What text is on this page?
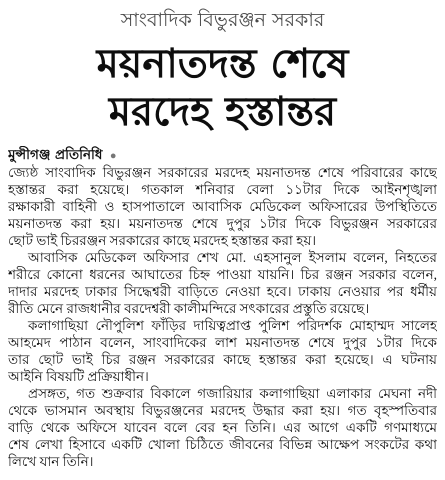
সাংবাদিক বিভুরঞ্জন সরকার
ময়নাতদন্ত শেষে
মরদেহ হস্তান্তর
মুন্সীগঞ্জ প্রতিনিধি ●
জ্যেষ্ঠ সাংবাদিক বিভুরঞ্জন সরকারের মরদেহ ময়নাতদন্ত শেষে পরিবারের কাছে
হস্তান্তর করা হয়েছে। গতকাল শনিবার বেলা ১১টার দিকে আইনশৃঙ্খলা
রক্ষাকারী বাহিনী ও হাসপাতালে আবাসিক মেডিকেল অফিসারের উপস্থিতিতে
ময়নাতদন্ত করা হয়। ময়নাতদন্ত শেষে দুপুর ১টার দিকে বিভুরঞ্জন সরকারের
ছোট ভাই চিররঞ্জন সরকারের কাছে মরদেহ হস্তান্তর করা হয়।
আবাসিক মেডিকেল অফিসার শেখ মো. এহসানুল ইসলাম বলেন, নিহতের
শরীরে কোনো ধরনের আঘাতের চিহ্ন পাওয়া যায়নি। চির রঞ্জন সরকার বলেন,
দাদার মরদেহ ঢাকার সিদ্ধেশ্বরী বাড়িতে নেওয়া হবে। ঢাকায় নেওয়ার পর ধর্মীয়
রীতি মেনে রাজধানীর বরদেশ্বরী কালীমন্দিরে সৎকারের প্রস্তুতি রয়েছে।
কলাগাছিয়া নৌপুলিশ ফাঁড়ির দায়িত্বপ্রাপ্ত পুলিশ পরিদর্শক মোহাম্মদ সালেহ
আহমেদ পাঠান বলেন, সাংবাদিকের লাশ ময়নাতদন্ত শেষে দুপুর ১টার দিকে
তার ছোট ভাই চির রঞ্জন সরকারের কাছে হস্তান্তর করা হয়েছে। এ ঘটনায়
আইনি বিষয়টি প্রক্রিয়াধীন।
প্রসঙ্গত, গত শুক্রবার বিকালে গজারিয়ার কলাগাছিয়া এলাকার মেঘনা নদী
থেকে ভাসমান অবস্থায় বিভুরঞ্জনের মরদেহ উদ্ধার করা হয়। গত বৃহস্পতিবার
বাড়ি থেকে অফিসে যাবেন বলে বের হন তিনি। এর আগে একটি গণমাধ্যমে
শেষ লেখা হিসাবে একটি খোলা চিঠিতে জীবনের বিভিন্ন আক্ষেপ সংকটের কথা
লিখে যান তিনি।
